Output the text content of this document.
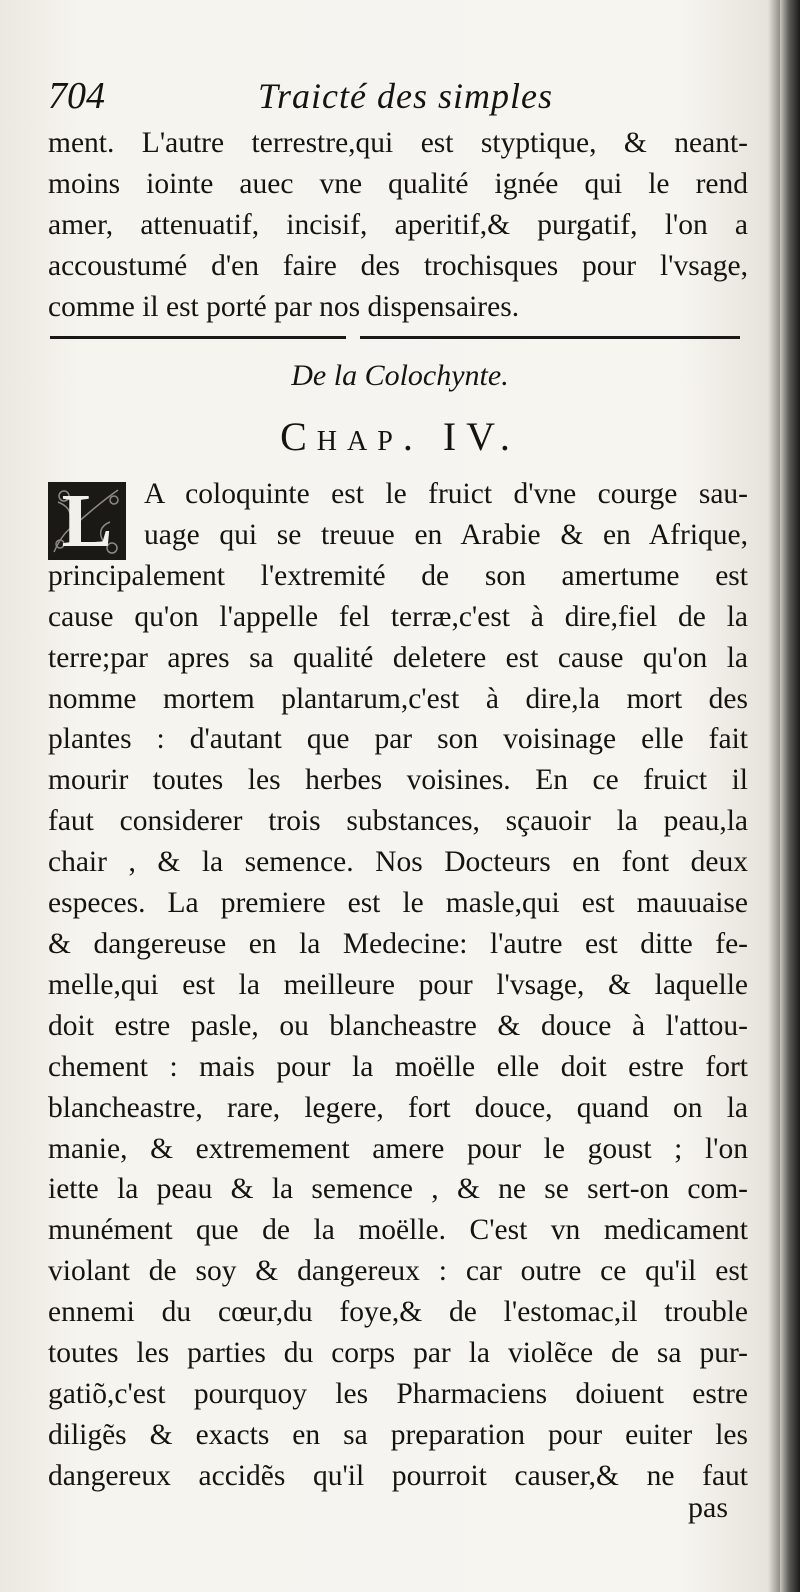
704	Traicté des simples
ment. L'autre terrestre,qui est styptique, & neant-
moins iointe auec vne qualité ignée qui le rend
amer, attenuatif, incisif, aperitif,& purgatif, l'on a
accoustumé d'en faire des trochisques pour l'vsage,
comme il est porté par nos dispensaires.
De la Colochynte.
Chap. IV.
L	A coloquinte est le fruict d'vne courge sau-
uage qui se treuue en Arabie & en Afrique,
principalement l'extremité de son amertume est
cause qu'on l'appelle fel terræ,c'est à dire,fiel de la
terre;par apres sa qualité deletere est cause qu'on la
nomme mortem plantarum,c'est à dire,la mort des
plantes : d'autant que par son voisinage elle fait
mourir toutes les herbes voisines. En ce fruict il
faut considerer trois substances, sçauoir la peau,la
chair , & la semence. Nos Docteurs en font deux
especes. La premiere est le masle,qui est mauuaise
& dangereuse en la Medecine: l'autre est ditte fe-
melle,qui est la meilleure pour l'vsage, & laquelle
doit estre pasle, ou blancheastre & douce à l'attou-
chement : mais pour la moëlle elle doit estre fort
blancheastre, rare, legere, fort douce, quand on la
manie, & extremement amere pour le goust ; l'on
iette la peau & la semence , & ne se sert-on com-
munément que de la moëlle. C'est vn medicament
violant de soy & dangereux : car outre ce qu'il est
ennemi du cœur,du foye,& de l'estomac,il trouble
toutes les parties du corps par la violẽce de sa pur-
gatiõ,c'est pourquoy les Pharmaciens doiuent estre
diligẽs & exacts en sa preparation pour euiter les
dangereux accidẽs qu'il pourroit causer,& ne faut
pas
